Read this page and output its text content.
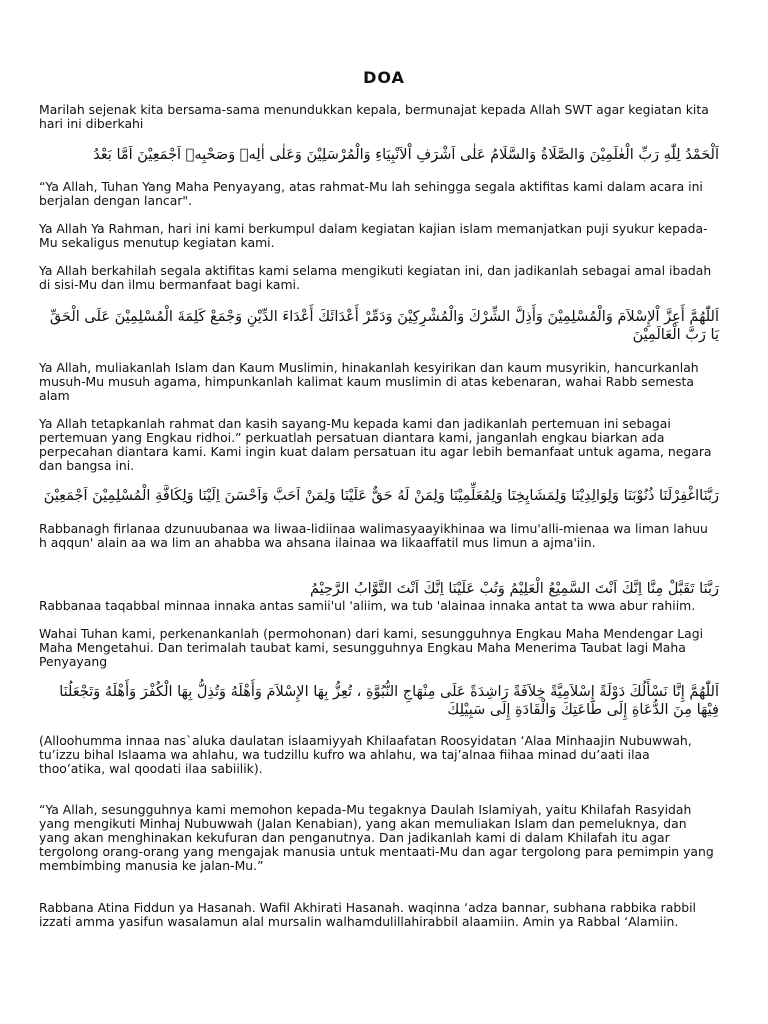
DOA

Marilah sejenak kita bersama-sama menundukkan kepala, bermunajat kepada Allah SWT agar kegiatan kita hari ini diberkahi

اَلْحَمْدُ لِلّٰهِ رَبِّ الْعٰلَمِيْنَ وَالصَّلَاةُ وَالسَّلَامُ عَلٰى اَشْرَفِ اْلاَنْبِيَاءِ وَالْمُرْسَلِيْنَ وَعَلٰى اٰلِهٖ وَصَحْبِهٖ اَجْمَعِيْنَ اَمَّا بَعْدُ

“Ya Allah, Tuhan Yang Maha Penyayang, atas rahmat-Mu lah sehingga segala aktifitas kami dalam acara ini berjalan dengan lancar".

Ya Allah Ya Rahman, hari ini kami berkumpul dalam kegiatan kajian islam memanjatkan puji syukur kepada-Mu sekaligus menutup kegiatan kami.

Ya Allah berkahilah segala aktifitas kami selama mengikuti kegiatan ini, dan jadikanlah sebagai amal ibadah di sisi-Mu dan ilmu bermanfaat bagi kami.

اَللّٰهُمَّ أَعِزَّ اْلإِسْلاَمَ وَالْمُسْلِمِيْنَ وَأَذِلَّ الشِّرْكَ وَالْمُشْرِكِيْنَ وَدَمِّرْ أَعْدَائَكَ أَعْدَاءَ الدِّيْنِ وَجْمَعْ كَلِمَةَ الْمُسْلِمِيْنَ عَلَى الْحَقِّ يَا رَبَّ الْعَالَمِيْنَ

Ya Allah, muliakanlah Islam dan Kaum Muslimin, hinakanlah kesyirikan dan kaum musyrikin, hancurkanlah musuh-Mu musuh agama, himpunkanlah kalimat kaum muslimin di atas kebenaran, wahai Rabb semesta alam

Ya Allah tetapkanlah rahmat dan kasih sayang-Mu kepada kami dan jadikanlah pertemuan ini sebagai pertemuan yang Engkau ridhoi.” perkuatlah persatuan diantara kami, janganlah engkau biarkan ada perpecahan diantara kami. Kami ingin kuat dalam persatuan itu agar lebih bemanfaat untuk agama, negara dan bangsa ini.

رَبَّنَااغْفِرْلَنَا ذُنُوْبَنَا وَلِوَالِدِيْنَا وَلِمَشَايِخِنَا وَلِمُعَلِّمِيْنَا وَلِمَنْ لَهُ حَقٌّ عَلَيْنَا وَلِمَنْ اَحَبَّ وَاَحْسَنَ اِلَيْنَا وَلِكَافَّةِ الْمُسْلِمِيْنَ اَجْمَعِيْنَ

Rabbanagh firlanaa dzunuubanaa wa liwaa-lidiinaa walimasyaayikhinaa wa limu'alli-mienaa wa liman lahuu h aqqun' alain aa wa lim an ahabba wa ahsana ilainaa wa likaaffatil mus limun a ajma'iin.

رَبَّنَا تَقَبَّلْ مِنَّا اِنَّكَ اَنْتَ السَّمِيْعُ الْعَلِيْمُ وَتُبْ عَلَيْنَا اِنَّكَ اَنْتَ التَّوَّابُ الرَّحِيْمُ

Rabbanaa taqabbal minnaa innaka antas samii'ul 'aliim, wa tub 'alainaa innaka antat ta wwa abur rahiim.

Wahai Tuhan kami, perkenankanlah (permohonan) dari kami, sesungguhnya Engkau Maha Mendengar Lagi Maha Mengetahui. Dan terimalah taubat kami, sesungguhnya Engkau Maha Menerima Taubat lagi Maha Penyayang

اَللّٰهُمَّ إِنَّا نَسْأَلُكَ دَوْلَةً إِسْلاَمِيَّةً خِلاَفَةً رَاشِدَةً عَلَى مِنْهَاجِ النُّبُوَّةِ ، تُعِزُّ بِهَا الإِسْلاَمَ وَأَهْلَهُ وَتُذِلُّ بِهَا الْكُفْرَ وَأَهْلَهُ وَتَجْعَلُنَا فِيْهَا مِنَ الدُّعَاةِ إِلَى طَاعَتِكَ وَالْقَادَةِ إِلَى سَبِيْلِكَ

(Alloohumma innaa nas`aluka daulatan islaamiyyah Khilaafatan Roosyidatan ‘Alaa Minhaajin Nubuwwah, tu’izzu bihal Islaama wa ahlahu, wa tudzillu kufro wa ahlahu, wa taj’alnaa fiihaa minad du’aati ilaa thoo’atika, wal qoodati ilaa sabiilik).

“Ya Allah, sesungguhnya kami memohon kepada-Mu tegaknya Daulah Islamiyah, yaitu Khilafah Rasyidah yang mengikuti Minhaj Nubuwwah (Jalan Kenabian), yang akan memuliakan Islam dan pemeluknya, dan yang akan menghinakan kekufuran dan penganutnya. Dan jadikanlah kami di dalam Khilafah itu agar tergolong orang-orang yang mengajak manusia untuk mentaati-Mu dan agar tergolong para pemimpin yang membimbing manusia ke jalan-Mu.”

Rabbana Atina Fiddun ya Hasanah. Wafil Akhirati Hasanah. waqinna ‘adza bannar, subhana rabbika rabbil izzati amma yasifun wasalamun alal mursalin walhamdulillahirabbil alaamiin. Amin ya Rabbal ‘Alamiin.
